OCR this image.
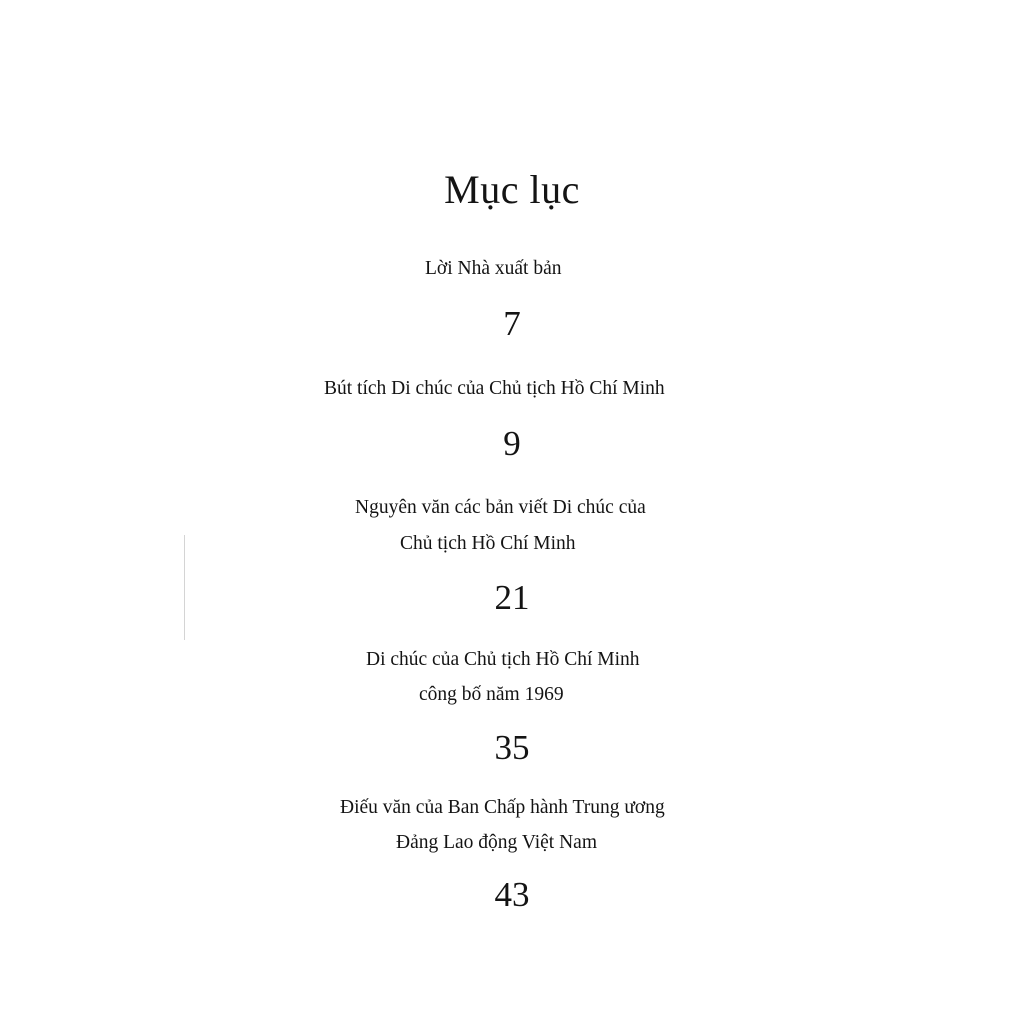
Mục lục
Lời Nhà xuất bản
7
Bút tích Di chúc của Chủ tịch Hồ Chí Minh
9
Nguyên văn các bản viết Di chúc của
Chủ tịch Hồ Chí Minh
21
Di chúc của Chủ tịch Hồ Chí Minh
công bố năm 1969
35
Điếu văn của Ban Chấp hành Trung ương
Đảng Lao động Việt Nam
43
